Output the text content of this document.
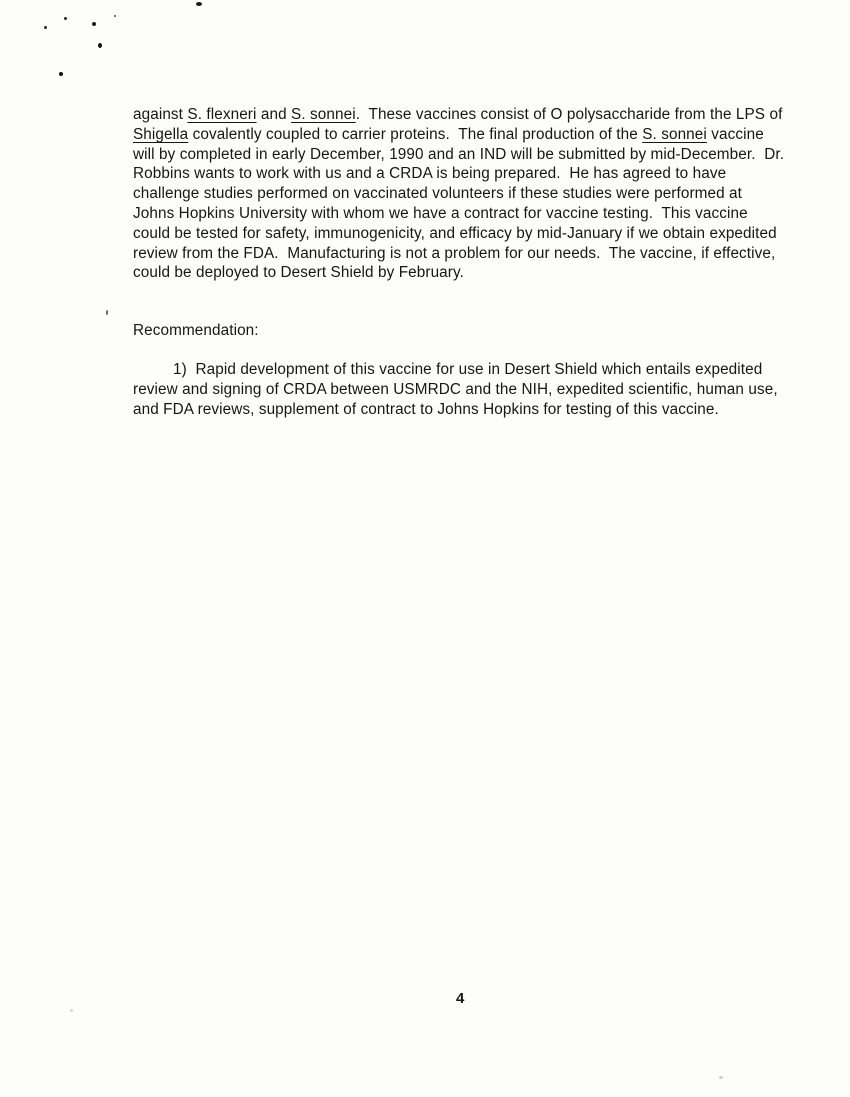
against S. flexneri and S. sonnei.  These vaccines consist of O polysaccharide from the LPS of Shigella covalently coupled to carrier proteins.  The final production of the S. sonnei vaccine will by completed in early December, 1990 and an IND will be submitted by mid-December.  Dr. Robbins wants to work with us and a CRDA is being prepared.  He has agreed to have challenge studies performed on vaccinated volunteers if these studies were performed at Johns Hopkins University with whom we have a contract for vaccine testing.  This vaccine could be tested for safety, immunogenicity, and efficacy by mid-January if we obtain expedited review from the FDA.  Manufacturing is not a problem for our needs.  The vaccine, if effective, could be deployed to Desert Shield by February.
Recommendation:
1)  Rapid development of this vaccine for use in Desert Shield which entails expedited review and signing of CRDA between USMRDC and the NIH, expedited scientific, human use, and FDA reviews, supplement of contract to Johns Hopkins for testing of this vaccine.
4
